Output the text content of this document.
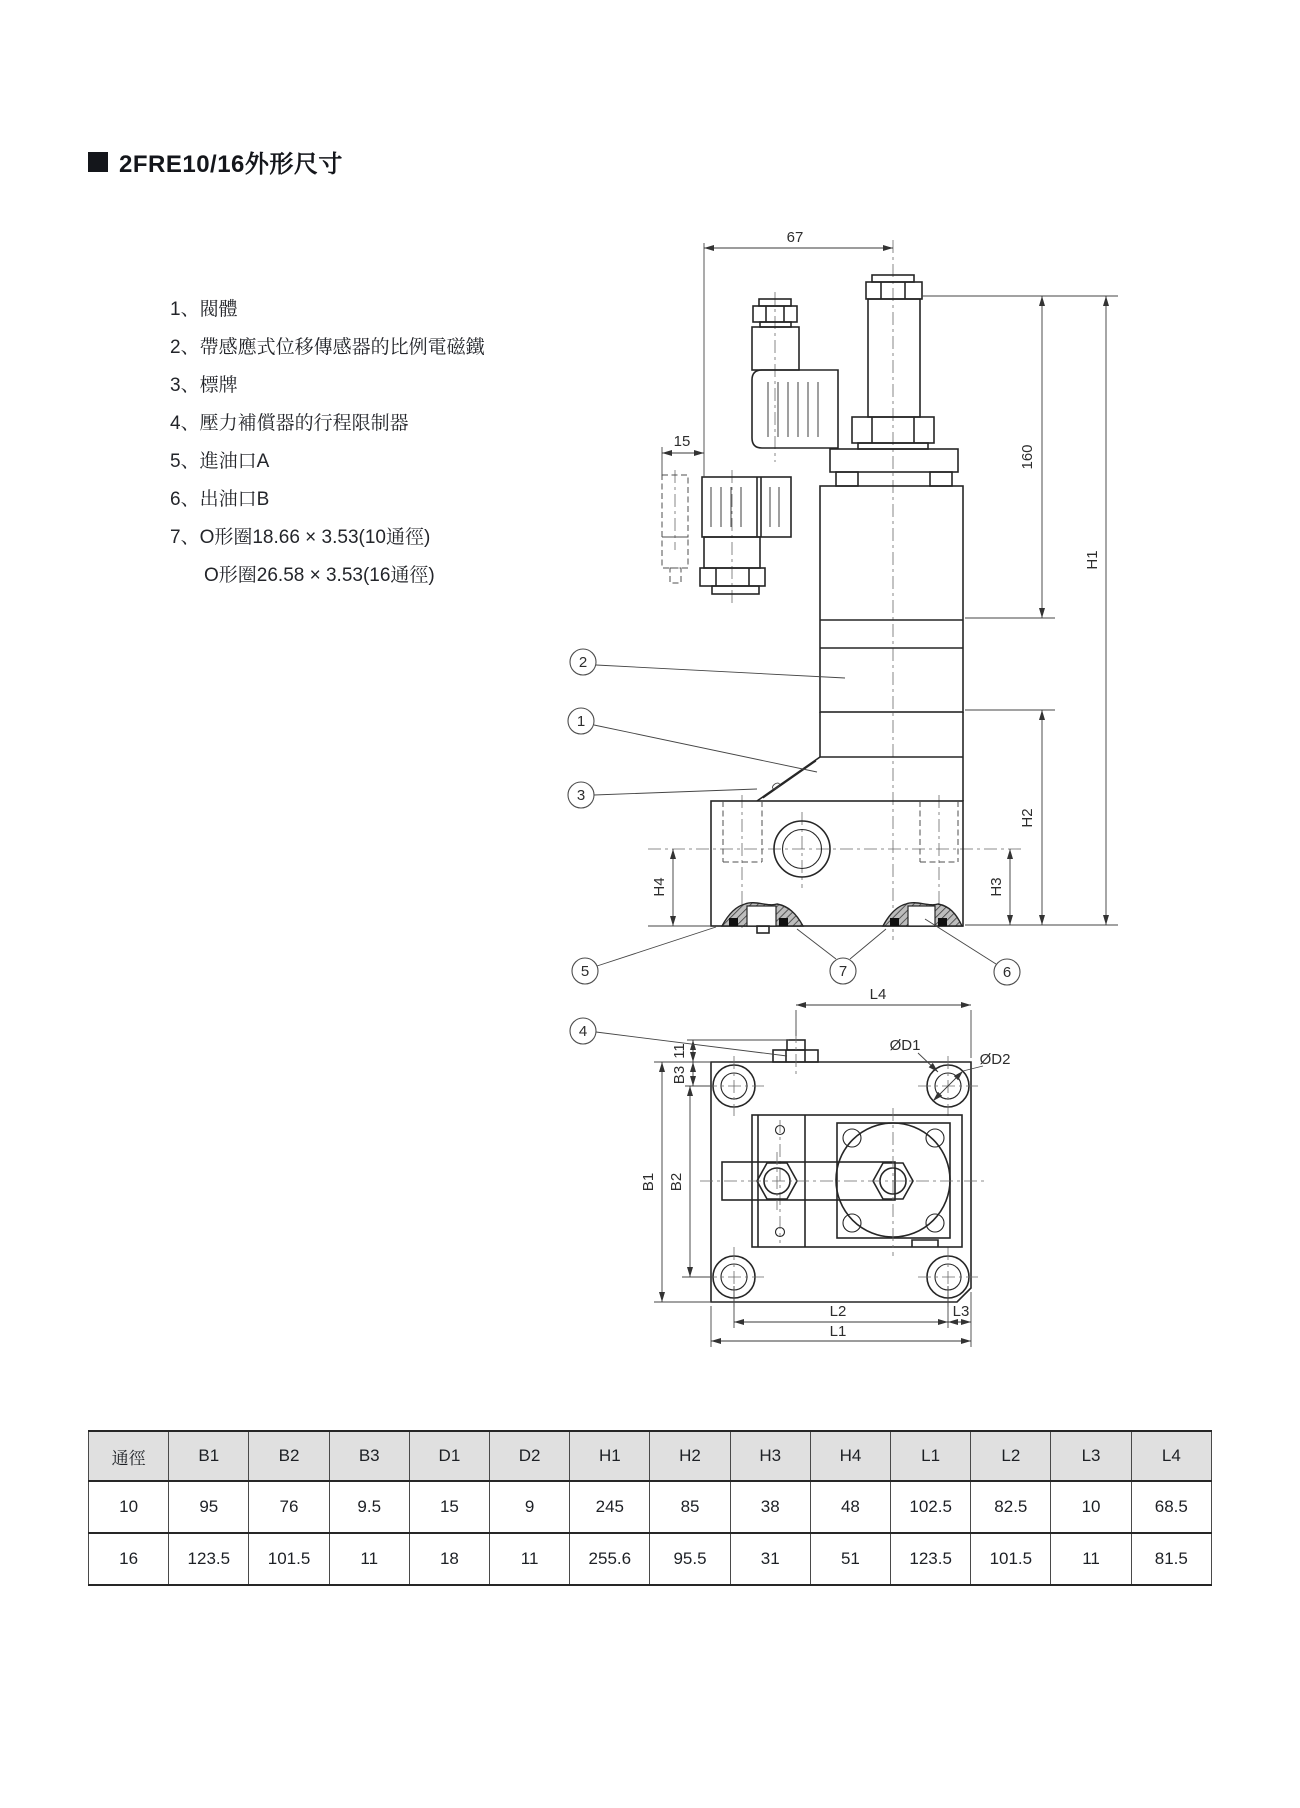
2FRE10/16外形尺寸
1、閥體
2、帶感應式位移傳感器的比例電磁鐵
3、標牌
4、壓力補償器的行程限制器
5、進油口A
6、出油口B
7、O形圈18.66 × 3.53(10通徑)
O形圈26.58 × 3.53(16通徑)
67
15
160
H2
H1
H3
H4
2
1
3
5	7	6
L4
11
B3
B1 B2
ØD1
ØD2
L2	L3
L1
4
通徑	B1	B2	B3	D1	D2	H1	H2	H3	H4	L1	L2	L3	L4
10	95	76	9.5	15	9	245	85	38	48	102.5	82.5	10	68.5
16	123.5	101.5	11	18	11	255.6	95.5	31	51	123.5	101.5	11	81.5
